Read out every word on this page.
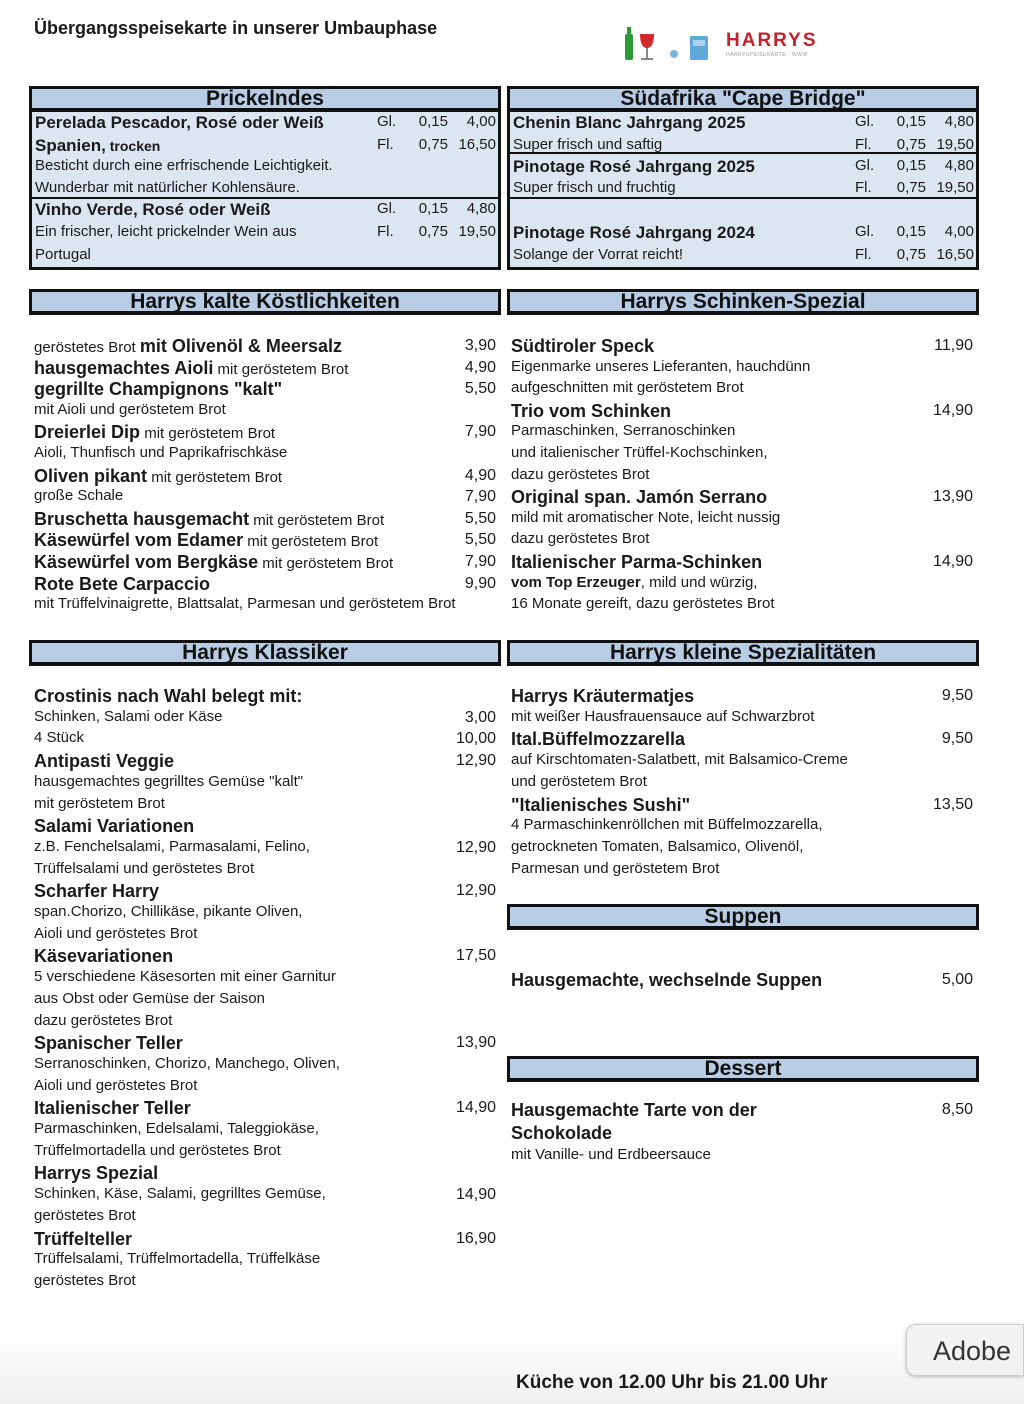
Übergangsspeisekarte in unserer Umbauphase
HARRYS
HARRYSPEISEKARTE · WWW
Prickelndes	Südafrika "Cape Bridge"
Perelada Pescador, Rosé oder Weiß	Gl.	0,15	4,00
Spanien, trocken	Fl.	0,75 16,50
Besticht durch eine erfrischende Leichtigkeit.
Wunderbar mit natürlicher Kohlensäure.
Vinho Verde, Rosé oder Weiß	Gl.	0,15	4,80
Ein frischer, leicht prickelnder Wein aus	Fl.	0,75 19,50
Portugal
Chenin Blanc Jahrgang 2025	Gl.	0,15	4,80
Super frisch und saftig	Fl.	0,75 19,50
Pinotage Rosé Jahrgang 2025	Gl.	0,15	4,80
Super frisch und fruchtig	Fl.	0,75 19,50
Pinotage Rosé Jahrgang 2024	Gl.	0,15	4,00
Solange der Vorrat reicht!	Fl.	0,75 16,50
Harrys kalte Köstlichkeiten	Harrys Schinken-Spezial
Harrys Klassiker	Harrys kleine Spezialitäten
Suppen
Dessert
geröstetes Brot mit Olivenöl & Meersalz	3,90
hausgemachtes Aioli mit geröstetem Brot	4,90
gegrillte Champignons "kalt"	5,50
mit Aioli und geröstetem Brot
Dreierlei Dip mit geröstetem Brot	7,90
Aioli, Thunfisch und Paprikafrischkäse
Oliven pikant mit geröstetem Brot	4,90
große Schale	7,90
Bruschetta hausgemacht mit geröstetem Brot	5,50
Käsewürfel vom Edamer mit geröstetem Brot	5,50
Käsewürfel vom Bergkäse mit geröstetem Brot	7,90
Rote Bete Carpaccio	9,90
mit Trüffelvinaigrette, Blattsalat, Parmesan und geröstetem Brot
Südtiroler Speck	11,90
Eigenmarke unseres Lieferanten, hauchdünn
aufgeschnitten mit geröstetem Brot
Trio vom Schinken	14,90
Parmaschinken, Serranoschinken
und italienischer Trüffel-Kochschinken,
dazu geröstetes Brot
Original span. Jamón Serrano	13,90
mild mit aromatischer Note, leicht nussig
dazu geröstetes Brot
Italienischer Parma-Schinken	14,90
vom Top Erzeuger, mild und würzig,
16 Monate gereift, dazu geröstetes Brot
Crostinis nach Wahl belegt mit:
Schinken, Salami oder Käse	3,00
4 Stück	10,00
Antipasti Veggie	12,90
hausgemachtes gegrilltes Gemüse "kalt"
mit geröstetem Brot
Salami Variationen
z.B. Fenchelsalami, Parmasalami, Felino,	12,90
Trüffelsalami und geröstetes Brot
Scharfer Harry	12,90
span.Chorizo, Chillikäse, pikante Oliven,
Aioli und geröstetes Brot
Käsevariationen	17,50
5 verschiedene Käsesorten mit einer Garnitur
aus Obst oder Gemüse der Saison
dazu geröstetes Brot
Spanischer Teller	13,90
Serranoschinken, Chorizo, Manchego, Oliven,
Aioli und geröstetes Brot
Italienischer Teller	14,90
Parmaschinken, Edelsalami, Taleggiokäse,
Trüffelmortadella und geröstetes Brot
Harrys Spezial
Schinken, Käse, Salami, gegrilltes Gemüse,	14,90
geröstetes Brot
Trüffelteller	16,90
Trüffelsalami, Trüffelmortadella, Trüffelkäse
geröstetes Brot
Harrys Kräutermatjes	9,50
mit weißer Hausfrauensauce auf Schwarzbrot
Ital.Büffelmozzarella	9,50
auf Kirschtomaten-Salatbett, mit Balsamico-Creme
und geröstetem Brot
"Italienisches Sushi"	13,50
4 Parmaschinkenröllchen mit Büffelmozzarella,
getrockneten Tomaten, Balsamico, Olivenöl,
Parmesan und geröstetem Brot
Hausgemachte, wechselnde Suppen	5,00
Hausgemachte Tarte von der	8,50
Schokolade
mit Vanille- und Erdbeersauce
Küche von 12.00 Uhr bis 21.00 Uhr
Adobe
